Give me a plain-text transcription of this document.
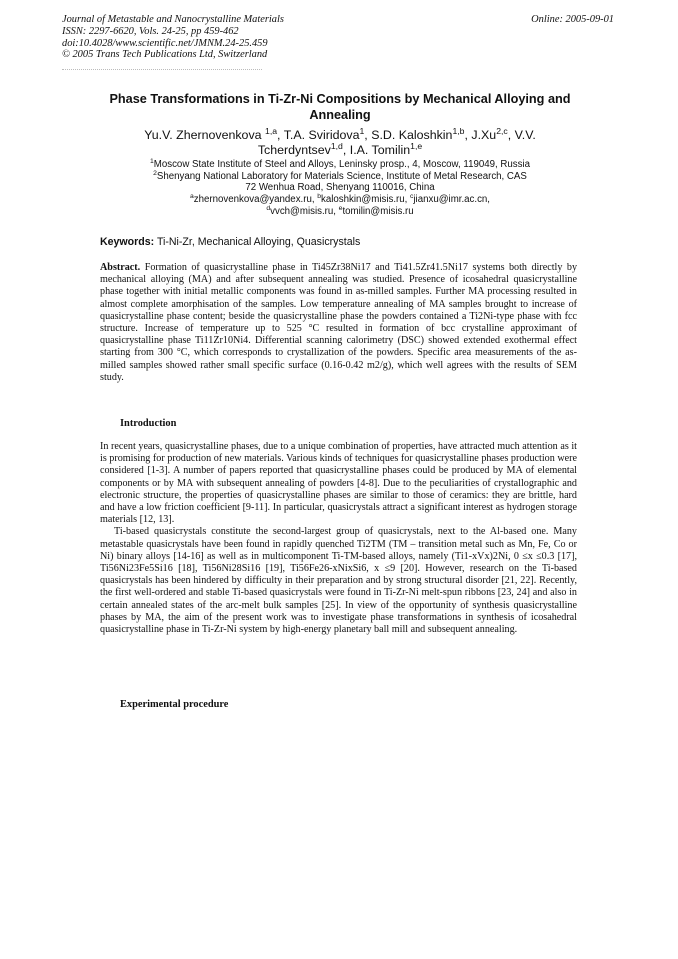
Journal of Metastable and Nanocrystalline Materials
ISSN: 2297-6620, Vols. 24-25, pp 459-462
doi:10.4028/www.scientific.net/JMNM.24-25.459
© 2005 Trans Tech Publications Ltd, Switzerland
Online: 2005-09-01
Phase Transformations in Ti-Zr-Ni Compositions by Mechanical Alloying and Annealing
Yu.V. Zhernovenkova $^{1,a}$, T.A. Sviridova$^1$, S.D. Kaloshkin$^{1,b}$, J.Xu$^{2,c}$, V.V. Tcherdyntsev$^{1,d}$, I.A. Tomilin$^{1,e}$
$^1$Moscow State Institute of Steel and Alloys, Leninsky prosp., 4, Moscow, 119049, Russia
$^2$Shenyang National Laboratory for Materials Science, Institute of Metal Research, CAS
72 Wenhua Road, Shenyang 110016, China
$^a$zhernovenkova@yandex.ru, $^b$kaloshkin@misis.ru, $^c$jianxu@imr.ac.cn,
$^d$vvch@misis.ru, $^e$tomilin@misis.ru
Keywords: Ti-Ni-Zr, Mechanical Alloying, Quasicrystals
Abstract. Formation of quasicrystalline phase in Ti45Zr38Ni17 and Ti41.5Zr41.5Ni17 systems both directly by mechanical alloying (MA) and after subsequent annealing was studied. Presence of icosahedral quasicrystalline phase together with initial metallic components was found in as-milled samples. Further MA processing resulted in almost complete amorphisation of the samples. Low temperature annealing of MA samples brought to increase of quasicrystalline phase content; beside the quasicrystalline phase the powders contained a Ti2Ni-type phase with fcc structure. Increase of temperature up to 525 °C resulted in formation of bcc crystalline approximant of quasicrystalline phase Ti11Zr10Ni4. Differential scanning calorimetry (DSC) showed extended exothermal effect starting from 300 °C, which corresponds to crystallization of the powders. Specific area measurements of the as-milled samples showed rather small specific surface (0.16-0.42 m2/g), which well agrees with the results of SEM study.
Introduction

In recent years, quasicrystalline phases, due to a unique combination of properties, have attracted much attention as it is promising for production of new materials. Various kinds of techniques for quasicrystalline phases production were considered [1-3]. A number of papers reported that quasicrystalline phases could be produced by MA of elemental components or by MA with subsequent annealing of powders [4-8]. Due to the peculiarities of crystallographic and electronic structure, the properties of quasicrystalline phases are similar to those of ceramics: they are brittle, hard and have a low friction coefficient [9-11]. In particular, quasicrystals attract a significant interest as hydrogen storage materials [12, 13].

Ti-based quasicrystals constitute the second-largest group of quasicrystals, next to the Al-based one. Many metastable quasicrystals have been found in rapidly quenched Ti2TM (TM – transition metal such as Mn, Fe, Co or Ni) binary alloys [14-16] as well as in multicomponent Ti-TM-based alloys, namely (Ti1-xVx)2Ni, 0 ≤x ≤0.3 [17], Ti56Ni23Fe5Si16 [18], Ti56Ni28Si16 [19], Ti56Fe26-xNixSi6, x ≤9 [20]. However, research on the Ti-based quasicrystals has been hindered by difficulty in their preparation and by strong structural disorder [21, 22]. Recently, the first well-ordered and stable Ti-based quasicrystals were found in Ti-Zr-Ni melt-spun ribbons [23, 24] and also in certain annealed states of the arc-melt bulk samples [25]. In view of the opportunity of synthesis quasicrystalline phases by MA, the aim of the present work was to investigate phase transformations in synthesis of icosahedral quasicrystalline phase in Ti-Zr-Ni system by high-energy planetary ball mill and subsequent annealing.

Experimental procedure
